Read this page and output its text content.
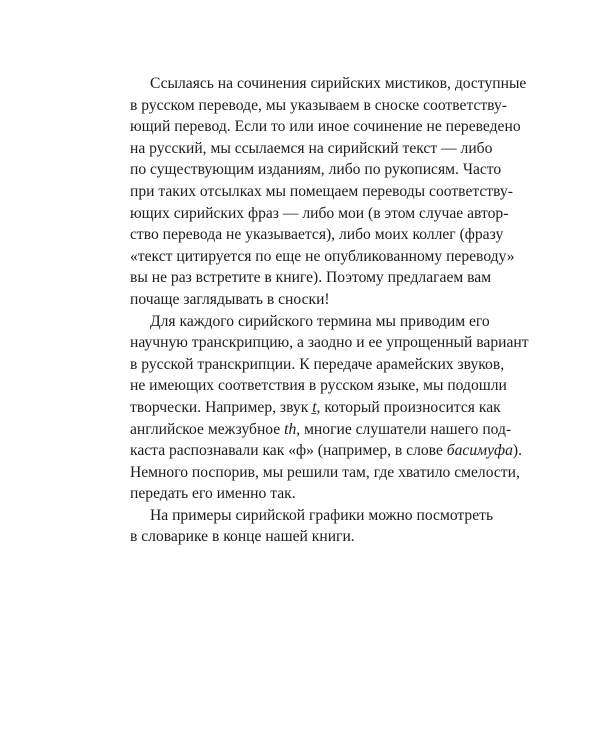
Ссылаясь на сочинения сирийских мистиков, доступные
в русском переводе, мы указываем в сноске соответству-
ющий перевод. Если то или иное сочинение не переведено
на русский, мы ссылаемся на сирийский текст — либо
по существующим изданиям, либо по рукописям. Часто
при таких отсылках мы помещаем переводы соответству-
ющих сирийских фраз — либо мои (в этом случае автор-
ство перевода не указывается), либо моих коллег (фразу
«текст цитируется по еще не опубликованному переводу»
вы не раз встретите в книге). Поэтому предлагаем вам
почаще заглядывать в сноски!

Для каждого сирийского термина мы приводим его
научную транскрипцию, а заодно и ее упрощенный вариант
в русской транскрипции. К передаче арамейских звуков,
не имеющих соответствия в русском языке, мы подошли
творчески. Например, звук ṯ, который произносится как
английское межзубное th, многие слушатели нашего под-
каста распознавали как «ф» (например, в слове басимуфа).
Немного поспорив, мы решили там, где хватило смелости,
передать его именно так.

На примеры сирийской графики можно посмотреть
в словарике в конце нашей книги.
